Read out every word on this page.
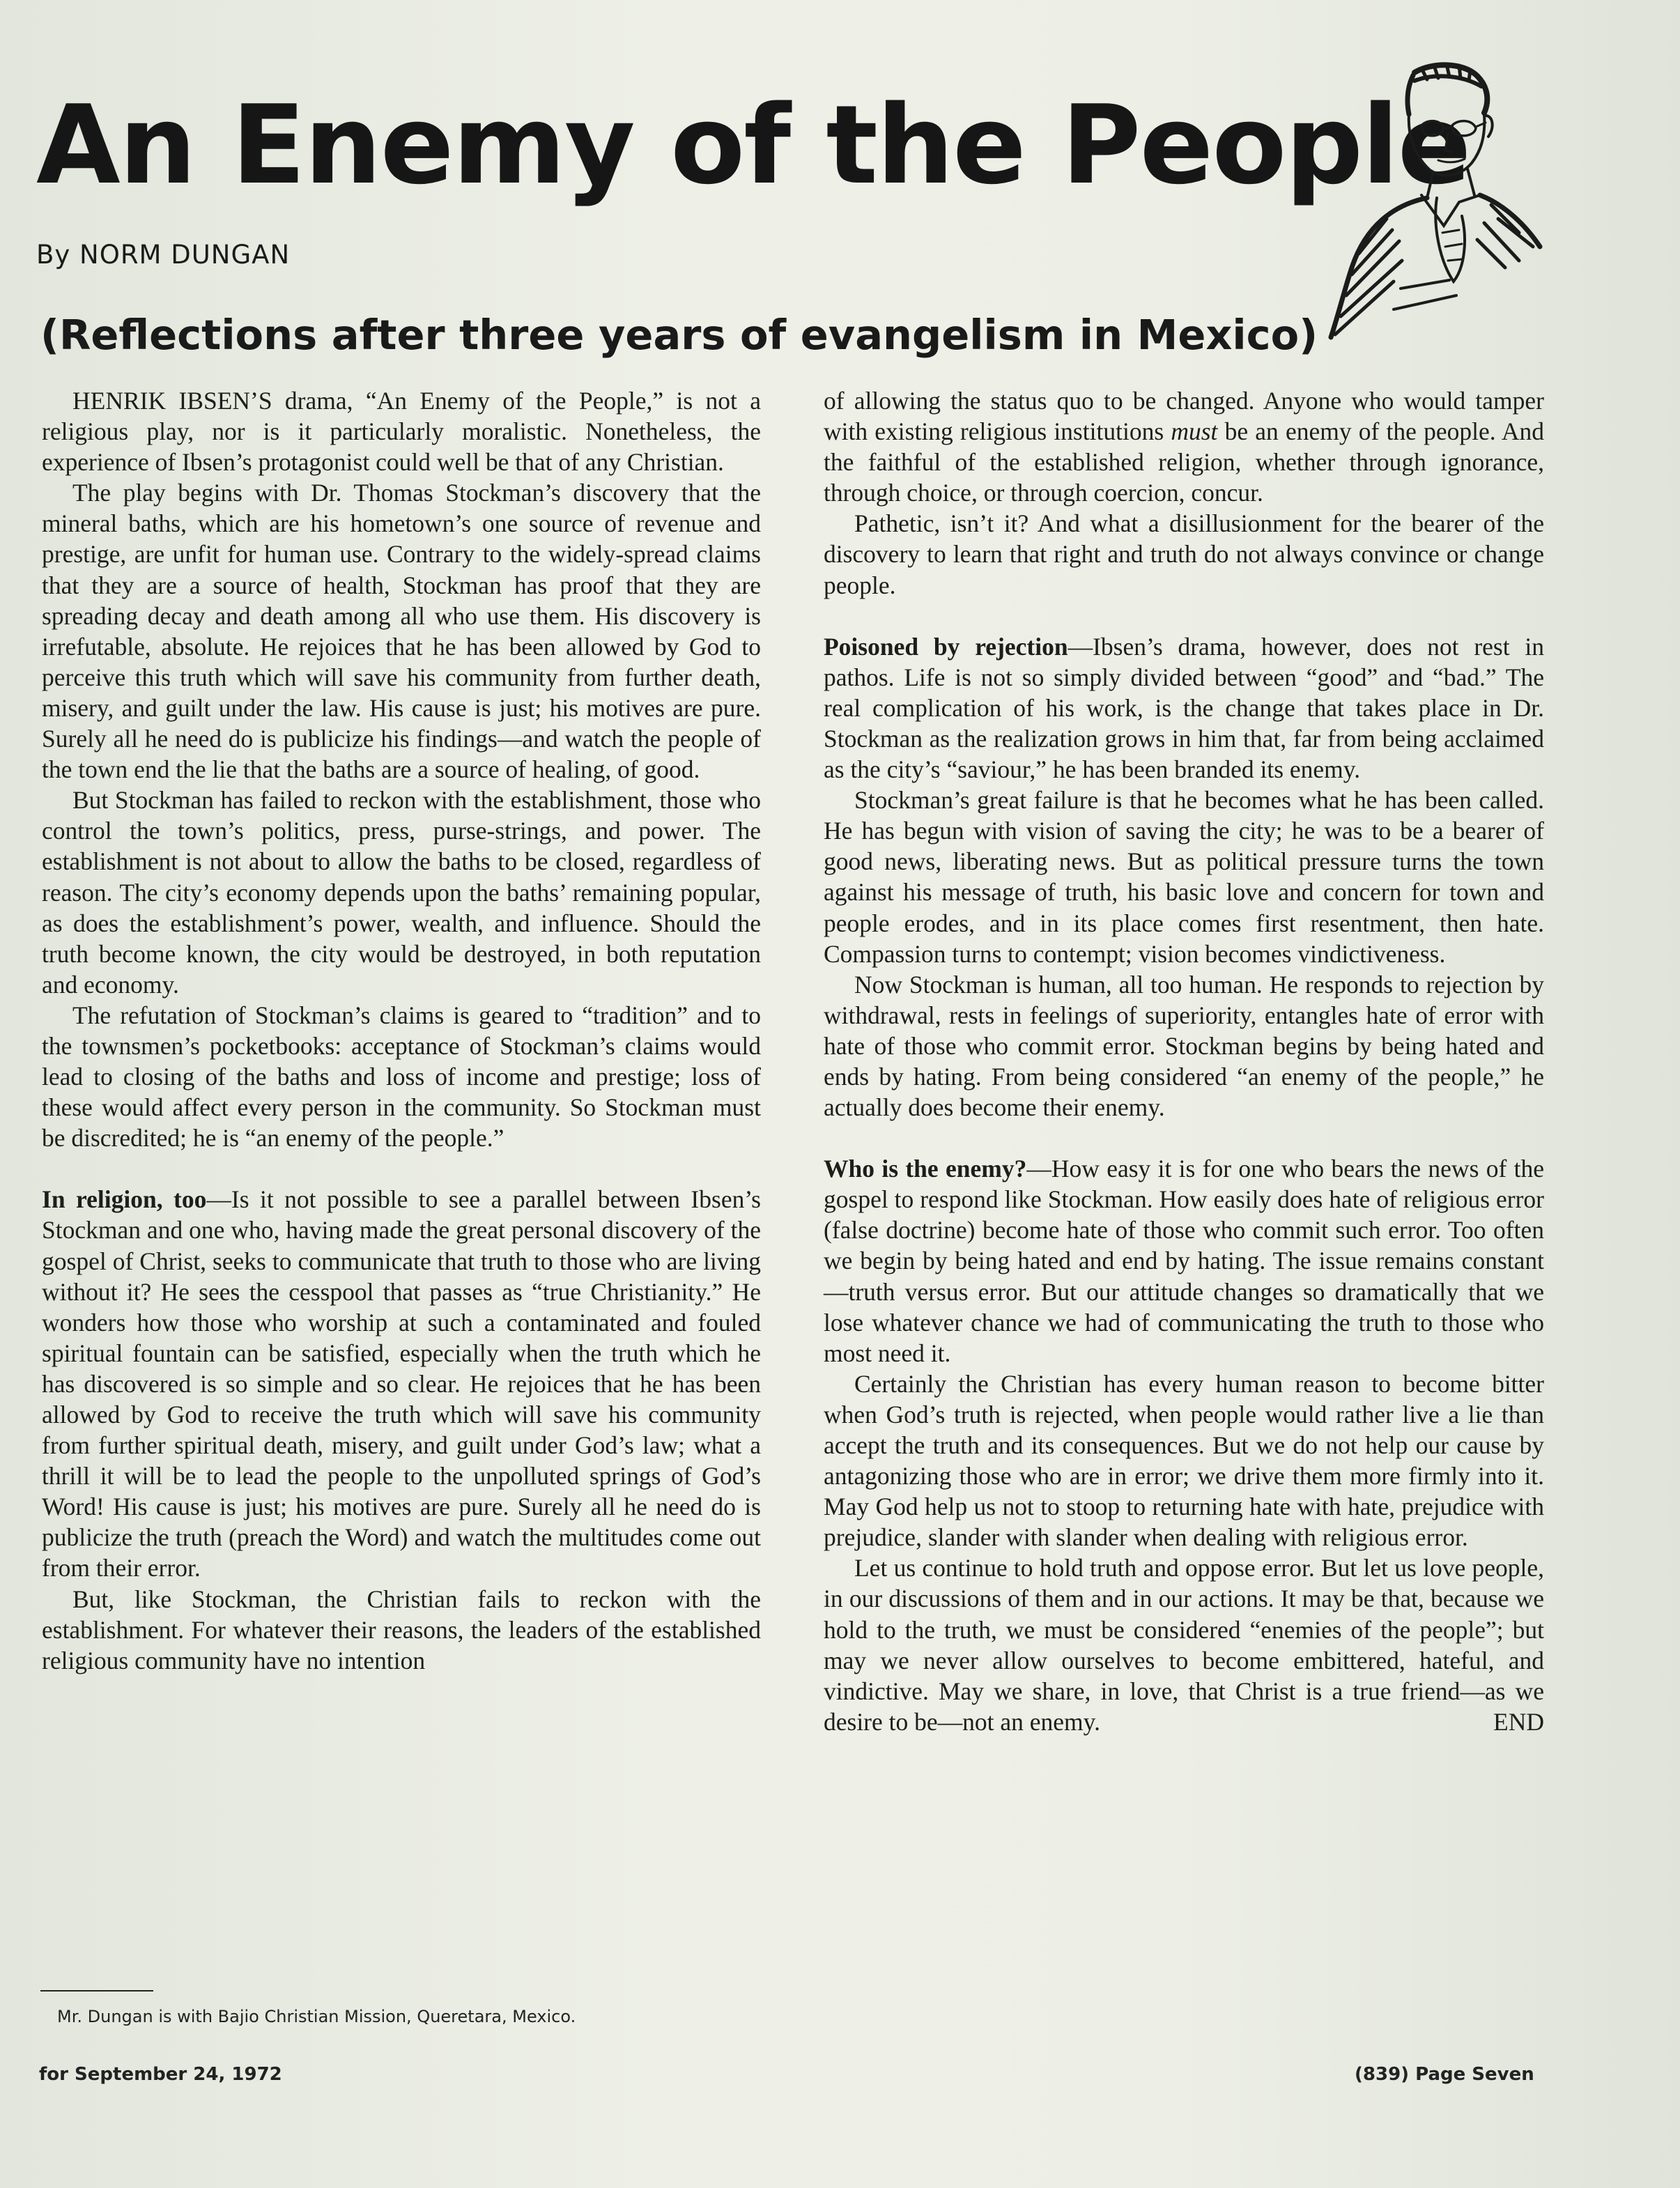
An Enemy of the People
By NORM DUNGAN
(Reflections after three years of evangelism in Mexico)

HENRIK IBSEN’S drama, “An Enemy of the People,” is not a religious play, nor is it particularly moralistic. Nonetheless, the experience of Ibsen’s protagonist could well be that of any Christian.

The play begins with Dr. Thomas Stockman’s discovery that the mineral baths, which are his hometown’s one source of revenue and prestige, are unfit for human use. Contrary to the widely-spread claims that they are a source of health, Stockman has proof that they are spreading decay and death among all who use them. His discovery is irrefutable, absolute. He rejoices that he has been allowed by God to perceive this truth which will save his community from further death, misery, and guilt under the law. His cause is just; his motives are pure. Surely all he need do is publicize his findings—and watch the people of the town end the lie that the baths are a source of healing, of good.

But Stockman has failed to reckon with the establishment, those who control the town’s politics, press, purse-strings, and power. The establishment is not about to allow the baths to be closed, regardless of reason. The city’s economy depends upon the baths’ remaining popular, as does the establishment’s power, wealth, and influence. Should the truth become known, the city would be destroyed, in both reputation and economy.

The refutation of Stockman’s claims is geared to “tradition” and to the townsmen’s pocketbooks: acceptance of Stockman’s claims would lead to closing of the baths and loss of income and prestige; loss of these would affect every person in the community. So Stockman must be discredited; he is “an enemy of the people.”

In religion, too—Is it not possible to see a parallel between Ibsen’s Stockman and one who, having made the great personal discovery of the gospel of Christ, seeks to communicate that truth to those who are living without it? He sees the cesspool that passes as “true Christianity.” He wonders how those who worship at such a contaminated and fouled spiritual fountain can be satisfied, especially when the truth which he has discovered is so simple and so clear. He rejoices that he has been allowed by God to receive the truth which will save his community from further spiritual death, misery, and guilt under God’s law; what a thrill it will be to lead the people to the unpolluted springs of God’s Word! His cause is just; his motives are pure. Surely all he need do is publicize the truth (preach the Word) and watch the multitudes come out from their error.

But, like Stockman, the Christian fails to reckon with the establishment. For whatever their reasons, the leaders of the established religious community have no intention

of allowing the status quo to be changed. Anyone who would tamper with existing religious institutions must be an enemy of the people. And the faithful of the established religion, whether through ignorance, through choice, or through coercion, concur.

Pathetic, isn’t it? And what a disillusionment for the bearer of the discovery to learn that right and truth do not always convince or change people.

Poisoned by rejection—Ibsen’s drama, however, does not rest in pathos. Life is not so simply divided between “good” and “bad.” The real complication of his work, is the change that takes place in Dr. Stockman as the realization grows in him that, far from being acclaimed as the city’s “saviour,” he has been branded its enemy.

Stockman’s great failure is that he becomes what he has been called. He has begun with vision of saving the city; he was to be a bearer of good news, liberating news. But as political pressure turns the town against his message of truth, his basic love and concern for town and people erodes, and in its place comes first resentment, then hate. Compassion turns to contempt; vision becomes vindictiveness.

Now Stockman is human, all too human. He responds to rejection by withdrawal, rests in feelings of superiority, entangles hate of error with hate of those who commit error. Stockman begins by being hated and ends by hating. From being considered “an enemy of the people,” he actually does become their enemy.

Who is the enemy?—How easy it is for one who bears the news of the gospel to respond like Stockman. How easily does hate of religious error (false doctrine) become hate of those who commit such error. Too often we begin by being hated and end by hating. The issue remains constant—truth versus error. But our attitude changes so dramatically that we lose whatever chance we had of communicating the truth to those who most need it.

Certainly the Christian has every human reason to become bitter when God’s truth is rejected, when people would rather live a lie than accept the truth and its consequences. But we do not help our cause by antagonizing those who are in error; we drive them more firmly into it. May God help us not to stoop to returning hate with hate, prejudice with prejudice, slander with slander when dealing with religious error.

Let us continue to hold truth and oppose error. But let us love people, in our discussions of them and in our actions. It may be that, because we hold to the truth, we must be considered “enemies of the people”; but may we never allow ourselves to become embittered, hateful, and vindictive. May we share, in love, that Christ is a true friend—as we desire to be—not an enemy.	END

Mr. Dungan is with Bajio Christian Mission, Queretara, Mexico.
for September 24, 1972	(839) Page Seven
